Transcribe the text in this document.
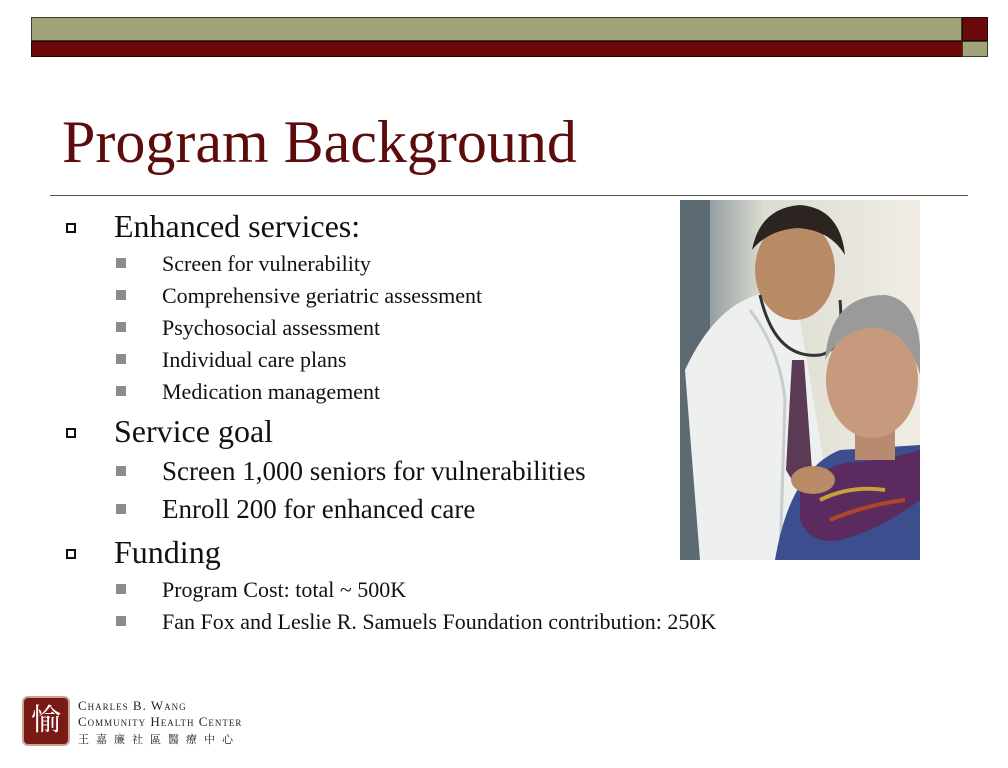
Program Background
Enhanced services:
Screen for vulnerability
Comprehensive geriatric assessment
Psychosocial assessment
Individual care plans
Medication management
Service goal
Screen 1,000 seniors for vulnerabilities
Enroll 200 for enhanced care
Funding
Program Cost: total ~ 500K
Fan Fox and Leslie R. Samuels Foundation contribution: 250K
愉	Charles B. Wang
Community Health Center
王嘉廉社區醫療中心
